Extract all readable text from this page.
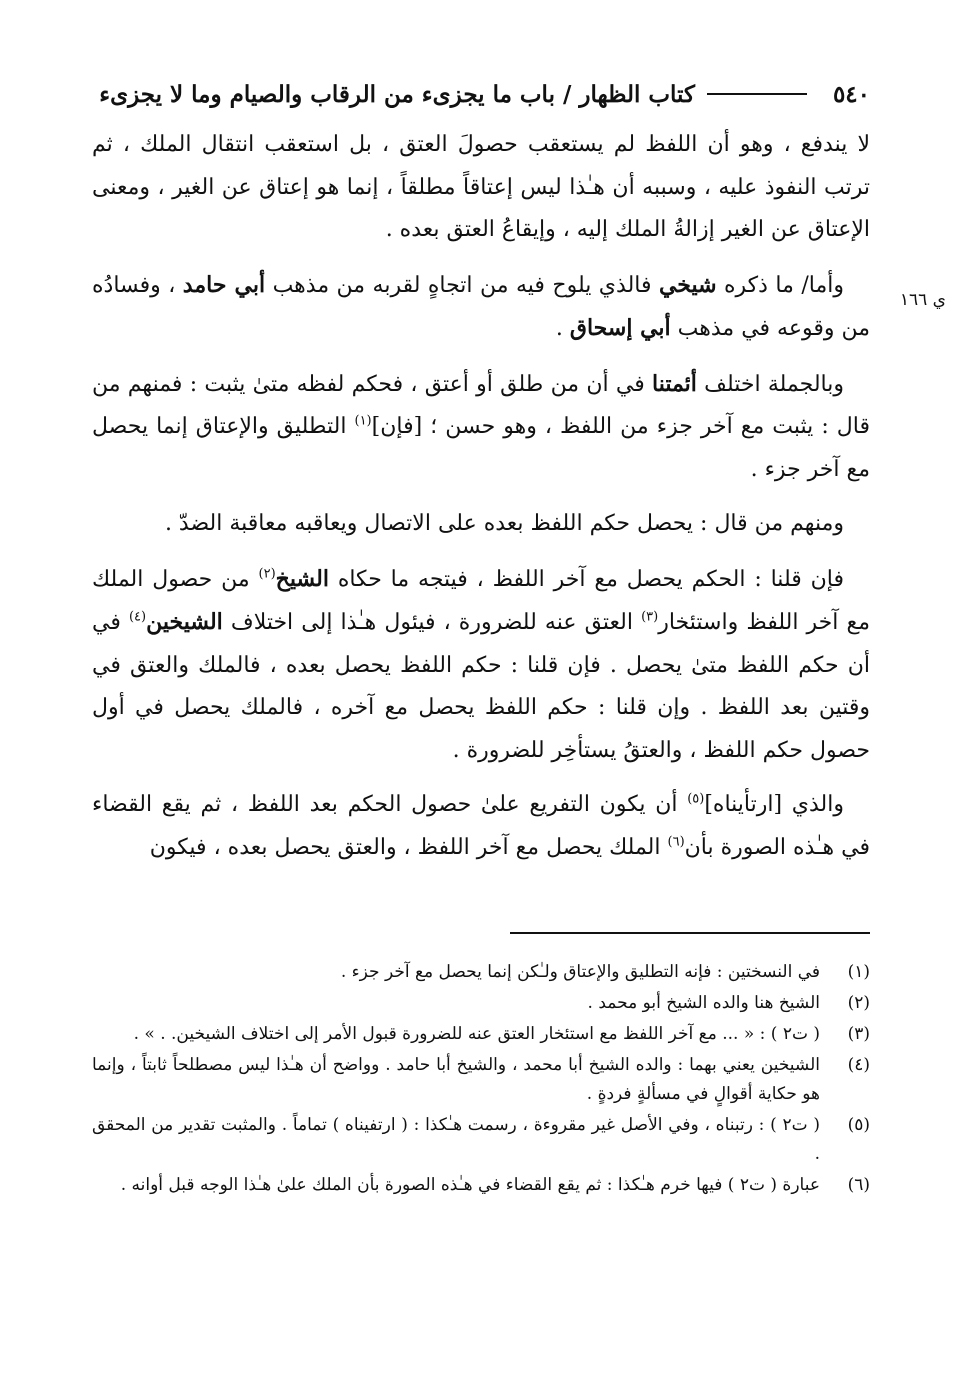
٥٤٠
كتاب الظهار / باب ما يجزىء من الرقاب والصيام وما لا يجزىء
ي ١٦٦

لا يندفع ، وهو أن اللفظ لم يستعقب حصولَ العتق ، بل استعقب انتقال الملك ، ثم ترتب النفوذ عليه ، وسببه أن هـٰذا ليس إعتاقاً مطلقاً ، إنما هو إعتاق عن الغير ، ومعنى الإعتاق عن الغير إزالةُ الملك إليه ، وإيقاعُ العتق بعده .

وأما/ ما ذكره شيخي فالذي يلوح فيه من اتجاهٍ لقربه من مذهب أبي حامد ، وفسادُه من وقوعه في مذهب أبي إسحاق .

وبالجملة اختلف أئمتنا في أن من طلق أو أعتق ، فحكم لفظه متىٰ يثبت : فمنهم من قال : يثبت مع آخر جزء من اللفظ ، وهو حسن ؛ [فإن]$^{(١)}$ التطليق والإعتاق إنما يحصل مع آخر جزء .

ومنهم من قال : يحصل حكم اللفظ بعده على الاتصال ويعاقبه معاقبة الضدّ .

فإن قلنا : الحكم يحصل مع آخر اللفظ ، فيتجه ما حكاه الشيخ$^{(٢)}$ من حصول الملك مع آخر اللفظ واستئخار$^{(٣)}$ العتق عنه للضرورة ، فيئول هـٰذا إلى اختلاف الشيخين$^{(٤)}$ في أن حكم اللفظ متىٰ يحصل . فإن قلنا : حكم اللفظ يحصل بعده ، فالملك والعتق في وقتين بعد اللفظ . وإن قلنا : حكم اللفظ يحصل مع آخره ، فالملك يحصل في أول حصول حكم اللفظ ، والعتقُ يستأخِر للضرورة .

والذي [ارتأيناه]$^{(٥)}$ أن يكون التفريع علىٰ حصول الحكم بعد اللفظ ، ثم يقع القضاء في هـٰذه الصورة بأن$^{(٦)}$ الملك يحصل مع آخر اللفظ ، والعتق يحصل بعده ، فيكون

(١)
في النسختين : فإنه التطليق والإعتاق ولـٰكن إنما يحصل مع آخر جزء .
(٢)
الشيخ هنا والده الشيخ أبو محمد .
(٣)
( ت٢ ) : « ... مع آخر اللفظ مع استئخار العتق عنه للضرورة قبول الأمر إلى اختلاف الشيخين. . » .
(٤)
الشيخين يعني بهما : والده الشيخ أبا محمد ، والشيخ أبا حامد . وواضح أن هـٰذا ليس مصطلحاً ثابتاً ، وإنما هو حكاية أقوالٍ في مسألةٍ فردةٍ .
(٥)
( ت٢ ) : رتبناه ، وفي الأصل غير مقروءة ، رسمت هـٰكذا : ( ارتفيناه ) تماماً . والمثبت تقدير من المحقق .
(٦)
عبارة ( ت٢ ) فيها خرم هـٰكذا : ثم يقع القضاء في هـٰذه الصورة بأن الملك علىٰ هـٰذا الوجه قبل أوانه .
